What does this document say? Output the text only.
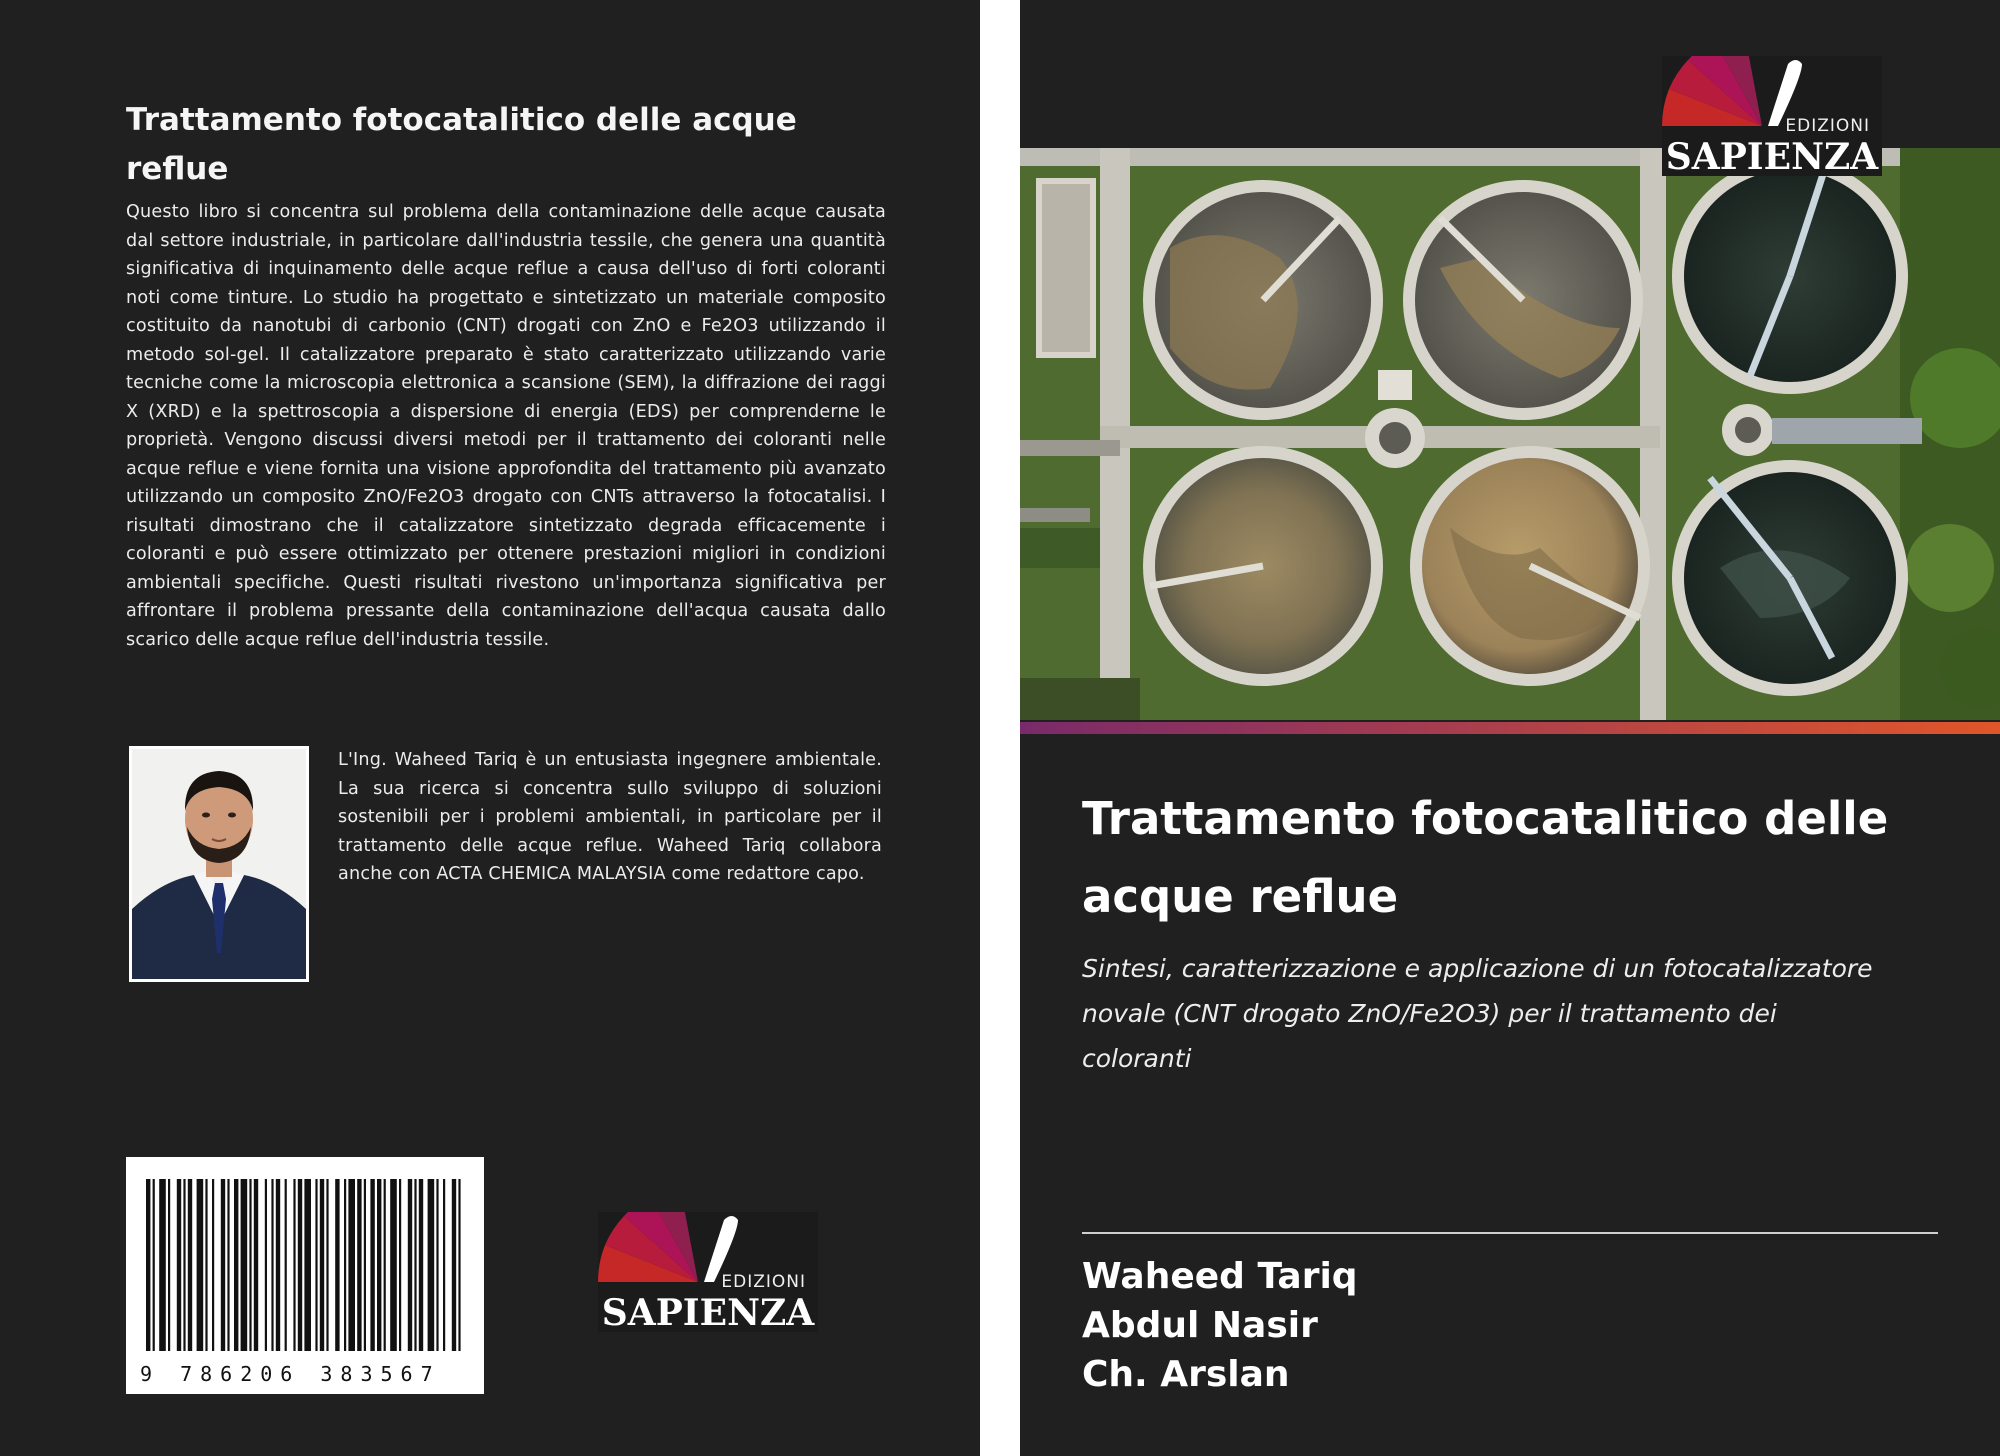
Trattamento fotocatalitico delle acque reflue

Questo libro si concentra sul problema della contaminazione delle acque causata dal settore industriale, in particolare dall'industria tessile, che genera una quantità significativa di inquinamento delle acque reflue a causa dell'uso di forti coloranti noti come tinture. Lo studio ha progettato e sintetizzato un materiale composito costituito da nanotubi di carbonio (CNT) drogati con ZnO e Fe2O3 utilizzando il metodo sol-gel. Il catalizzatore preparato è stato caratterizzato utilizzando varie tecniche come la microscopia elettronica a scansione (SEM), la diffrazione dei raggi X (XRD) e la spettroscopia a dispersione di energia (EDS) per comprenderne le proprietà. Vengono discussi diversi metodi per il trattamento dei coloranti nelle acque reflue e viene fornita una visione approfondita del trattamento più avanzato utilizzando un composito ZnO/Fe2O3 drogato con CNTs attraverso la fotocatalisi. I risultati dimostrano che il catalizzatore sintetizzato degrada efficacemente i coloranti e può essere ottimizzato per ottenere prestazioni migliori in condizioni ambientali specifiche. Questi risultati rivestono un'importanza significativa per affrontare il problema pressante della contaminazione dell'acqua causata dallo scarico delle acque reflue dell'industria tessile.

L'Ing. Waheed Tariq è un entusiasta ingegnere ambientale. La sua ricerca si concentra sullo sviluppo di soluzioni sostenibili per i problemi ambientali, in particolare per il trattamento delle acque reflue. Waheed Tariq collabora anche con ACTA CHEMICA MALAYSIA come redattore capo.

9 786206 383567
EDIZIONI
SAPIENZA
EDIZIONI
SAPIENZA
Trattamento fotocatalitico delle acque reflue

Sintesi, caratterizzazione e applicazione di un fotocatalizzatore novale (CNT drogato ZnO/Fe2O3) per il trattamento dei coloranti

Waheed Tariq
Abdul Nasir
Ch. Arslan
